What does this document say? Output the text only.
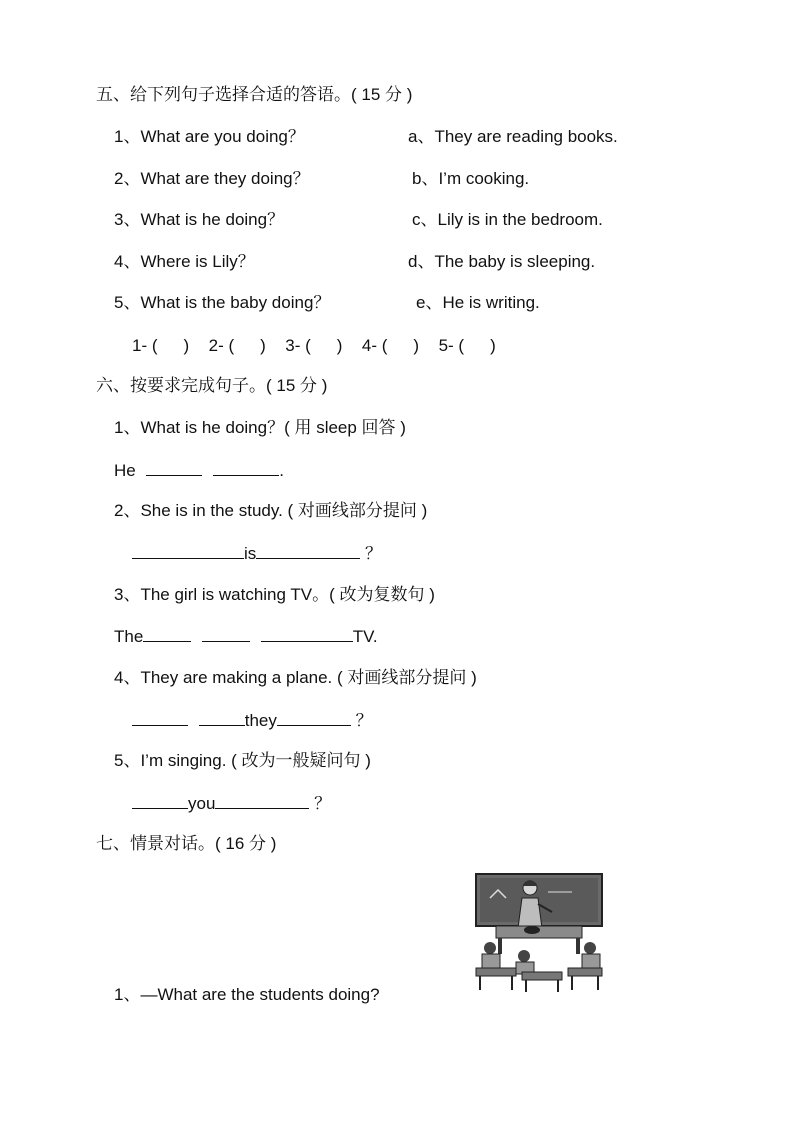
五、给下列句子选择合适的答语。( 15 分 )
1、What are you doing？	a、They are reading books.
2、What are they doing？	b、I’m cooking.
3、What is he doing？	c、Lily is in the bedroom.
4、Where is Lily？	d、The baby is sleeping.
5、What is the baby doing？	e、He is writing.
1- ( ) 2- ( ) 3- ( ) 4- ( ) 5- ( )
六、按要求完成句子。( 15 分 )
1、What is he doing？( 用 sleep 回答 )
He	.
2、She is in the study. ( 对画线部分提问 )
is	？
3、The girl is watching TV。( 改为复数句 )
The	TV.
4、They are making a plane. ( 对画线部分提问 )
they	？
5、I’m singing. ( 改为一般疑问句 )
you	？
七、情景对话。( 16 分 )
1、—What are the students doing?
